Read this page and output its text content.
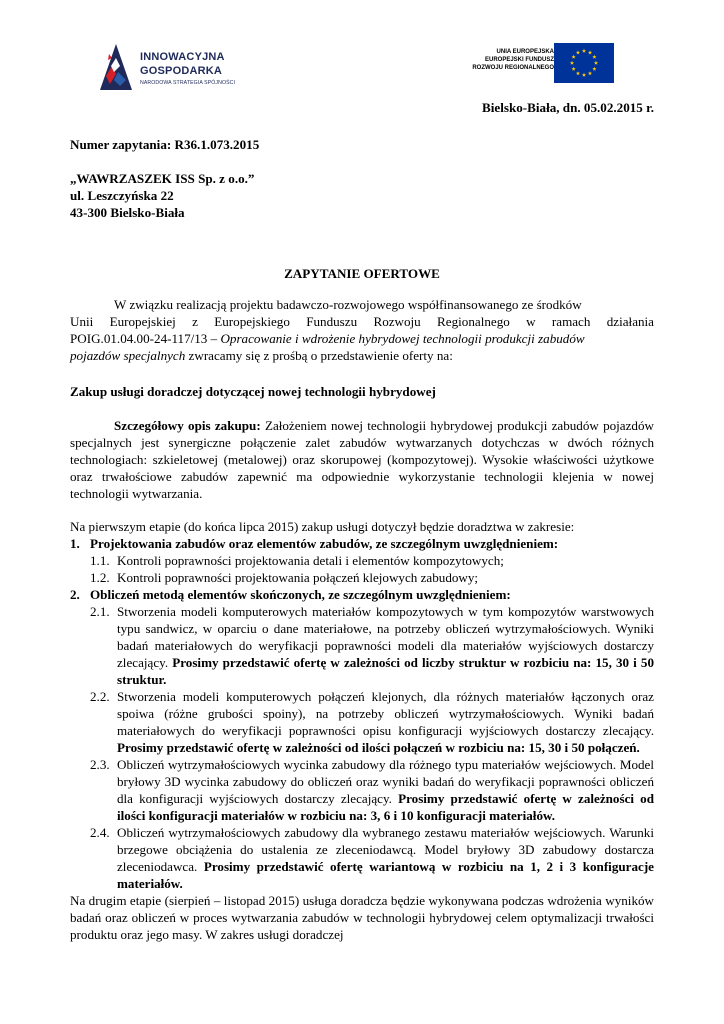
INNOWACYJNA
GOSPODARKA
NARODOWA STRATEGIA SPÓJNOŚCI
UNIA EUROPEJSKA
EUROPEJSKI FUNDUSZ
ROZWOJU REGIONALNEGO
Bielsko-Biała, dn. 05.02.2015 r.
Numer zapytania: R36.1.073.2015
„WAWRZASZEK ISS Sp. z o.o.”
ul. Leszczyńska 22
43-300 Bielsko-Biała
ZAPYTANIE OFERTOWE
W związku realizacją projektu badawczo-rozwojowego współfinansowanego ze środków
Unii Europejskiej z Europejskiego Funduszu Rozwoju Regionalnego w ramach działania
POIG.01.04.00-24-117/13 – Opracowanie i wdrożenie hybrydowej technologii produkcji zabudów
pojazdów specjalnych zwracamy się z prośbą o przedstawienie oferty na:
Zakup usługi doradczej dotyczącej nowej technologii hybrydowej
Szczegółowy opis zakupu: Założeniem nowej technologii hybrydowej produkcji zabudów pojazdów specjalnych jest synergiczne połączenie zalet zabudów wytwarzanych dotychczas w dwóch różnych technologiach: szkieletowej (metalowej) oraz skorupowej (kompozytowej). Wysokie właściwości użytkowe oraz trwałościowe zabudów zapewnić ma odpowiednie wykorzystanie technologii klejenia w nowej technologii wytwarzania.
Na pierwszym etapie (do końca lipca 2015) zakup usługi dotyczył będzie doradztwa w zakresie:
1. Projektowania zabudów oraz elementów zabudów, ze szczególnym uwzględnieniem:
1.1. Kontroli poprawności projektowania detali i elementów kompozytowych;
1.2. Kontroli poprawności projektowania połączeń klejowych zabudowy;
2. Obliczeń metodą elementów skończonych, ze szczególnym uwzględnieniem:
2.1. Stworzenia modeli komputerowych materiałów kompozytowych w tym kompozytów warstwowych typu sandwicz, w oparciu o dane materiałowe, na potrzeby obliczeń wytrzymałościowych. Wyniki badań materiałowych do weryfikacji poprawności modeli dla materiałów wyjściowych dostarczy zlecający. Prosimy przedstawić ofertę w zależności od liczby struktur w rozbiciu na: 15, 30 i 50 struktur.
2.2. Stworzenia modeli komputerowych połączeń klejonych, dla różnych materiałów łączonych oraz spoiwa (różne grubości spoiny), na potrzeby obliczeń wytrzymałościowych. Wyniki badań materiałowych do weryfikacji poprawności opisu konfiguracji wyjściowych dostarczy zlecający. Prosimy przedstawić ofertę w zależności od ilości połączeń w rozbiciu na: 15, 30 i 50 połączeń.
2.3. Obliczeń wytrzymałościowych wycinka zabudowy dla różnego typu materiałów wejściowych. Model bryłowy 3D wycinka zabudowy do obliczeń oraz wyniki badań do weryfikacji poprawności obliczeń dla konfiguracji wyjściowych dostarczy zlecający. Prosimy przedstawić ofertę w zależności od ilości konfiguracji materiałów w rozbiciu na: 3, 6 i 10 konfiguracji materiałów.
2.4. Obliczeń wytrzymałościowych zabudowy dla wybranego zestawu materiałów wejściowych. Warunki brzegowe obciążenia do ustalenia ze zleceniodawcą. Model bryłowy 3D zabudowy dostarcza zleceniodawca. Prosimy przedstawić ofertę wariantową w rozbiciu na 1, 2 i 3 konfiguracje materiałów.
Na drugim etapie (sierpień – listopad 2015) usługa doradcza będzie wykonywana podczas wdrożenia wyników badań oraz obliczeń w proces wytwarzania zabudów w technologii hybrydowej celem optymalizacji trwałości produktu oraz jego masy. W zakres usługi doradczej
